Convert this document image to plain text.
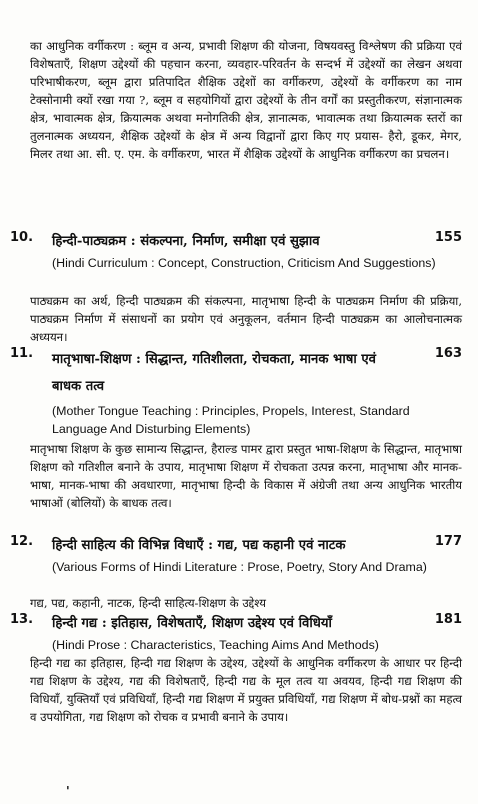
का आधुनिक वर्गीकरण : ब्लूम व अन्य, प्रभावी शिक्षण की योजना, विषयवस्तु विश्लेषण की प्रक्रिया एवं विशेषताएँ, शिक्षण उद्देश्यों की पहचान करना, व्यवहार-परिवर्तन के सन्दर्भ में उद्देश्यों का लेखन अथवा परिभाषीकरण, ब्लूम द्वारा प्रतिपादित शैक्षिक उद्देशों का वर्गीकरण, उद्देश्यों के वर्गीकरण का नाम टेक्सोनामी क्यों रखा गया ?, ब्लूम व सहयोगियों द्वारा उद्देश्यों के तीन वर्गों का प्रस्तुतीकरण, संज्ञानात्मक क्षेत्र, भावात्मक क्षेत्र, क्रियात्मक अथवा मनोगतिकी क्षेत्र, ज्ञानात्मक, भावात्मक तथा क्रियात्मक स्तरों का तुलनात्मक अध्ययन, शैक्षिक उद्देश्यों के क्षेत्र में अन्य विद्वानों द्वारा किए गए प्रयास- हैरो, डूकर, मेगर, मिलर तथा आ. सी. ए. एम. के वर्गीकरण, भारत में शैक्षिक उद्देश्यों के आधुनिक वर्गीकरण का प्रचलन।

10. हिन्दी-पाठ्यक्रम : संकल्पना, निर्माण, समीक्षा एवं सुझाव	155

(Hindi Curriculum : Concept, Construction, Criticism And Suggestions)

पाठ्यक्रम का अर्थ, हिन्दी पाठ्यक्रम की संकल्पना, मातृभाषा हिन्दी के पाठ्यक्रम निर्माण की प्रक्रिया, पाठ्यक्रम निर्माण में संसाधनों का प्रयोग एवं अनुकूलन, वर्तमान हिन्दी पाठ्यक्रम का आलोचनात्मक अध्ययन।

11. मातृभाषा-शिक्षण : सिद्धान्त, गतिशीलता, रोचकता, मानक भाषा एवं बाधक तत्व

163

(Mother Tongue Teaching : Principles, Propels, Interest, Standard Language And Disturbing Elements)

मातृभाषा शिक्षण के कुछ सामान्य सिद्धान्त, हैराल्ड पामर द्वारा प्रस्तुत भाषा-शिक्षण के सिद्धान्त, मातृभाषा शिक्षण को गतिशील बनाने के उपाय, मातृभाषा शिक्षण में रोचकता उत्पन्न करना, मातृभाषा और मानक-भाषा, मानक-भाषा की अवधारणा, मातृभाषा हिन्दी के विकास में अंग्रेजी तथा अन्य आधुनिक भारतीय भाषाओं (बोलियों) के बाधक तत्व।

12. हिन्दी साहित्य की विभिन्न विधाएँ : गद्य, पद्य कहानी एवं नाटक	177

(Various Forms of Hindi Literature : Prose, Poetry, Story And Drama)

गद्य, पद्य, कहानी, नाटक, हिन्दी साहित्य-शिक्षण के उद्देश्य

13. हिन्दी गद्य : इतिहास, विशेषताएँ, शिक्षण उद्देश्य एवं विधियाँ	181

(Hindi Prose : Characteristics, Teaching Aims And Methods)

हिन्दी गद्य का इतिहास, हिन्दी गद्य शिक्षण के उद्देश्य, उद्देश्यों के आधुनिक वर्गीकरण के आधार पर हिन्दी गद्य शिक्षण के उद्देश्य, गद्य की विशेषताएँ, हिन्दी गद्य के मूल तत्व या अवयव, हिन्दी गद्य शिक्षण की विधियाँ, युक्तियाँ एवं प्रविधियाँ, हिन्दी गद्य शिक्षण में प्रयुक्त प्रविधियाँ, गद्य शिक्षण में बोध-प्रश्नों का महत्व व उपयोगिता, गद्य शिक्षण को रोचक व प्रभावी बनाने के उपाय।

'
